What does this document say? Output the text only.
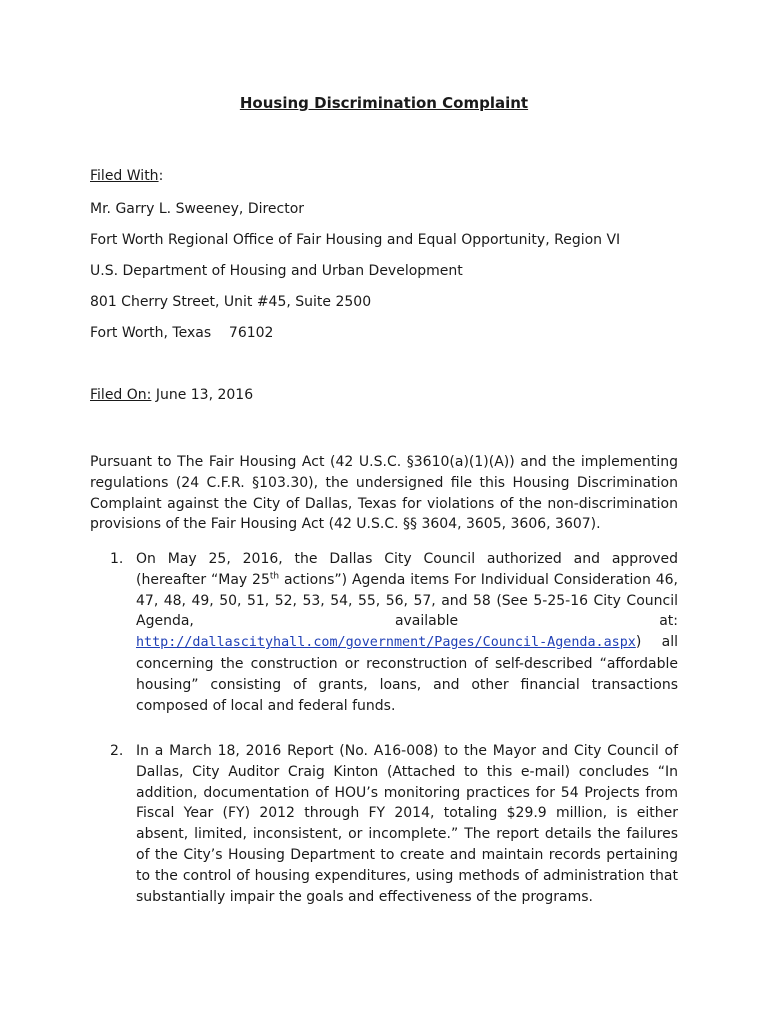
Housing Discrimination Complaint
Filed With:
Mr. Garry L. Sweeney, Director
Fort Worth Regional Office of Fair Housing and Equal Opportunity, Region VI
U.S. Department of Housing and Urban Development
801 Cherry Street, Unit #45, Suite 2500
Fort Worth, Texas    76102
Filed On: June 13, 2016
Pursuant to The Fair Housing Act (42 U.S.C. §3610(a)(1)(A)) and the implementing regulations (24 C.F.R. §103.30), the undersigned file this Housing Discrimination Complaint against the City of Dallas, Texas for violations of the non-discrimination provisions of the Fair Housing Act (42 U.S.C. §§ 3604, 3605, 3606, 3607).
1. On May 25, 2016, the Dallas City Council authorized and approved (hereafter “May 25th actions”) Agenda items For Individual Consideration 46, 47, 48, 49, 50, 51, 52, 53, 54, 55, 56, 57, and 58 (See 5-25-16 City Council Agenda, available at: http://dallascityhall.com/government/Pages/Council-Agenda.aspx) all concerning the construction or reconstruction of self-described “affordable housing” consisting of grants, loans, and other financial transactions composed of local and federal funds.
2. In a March 18, 2016 Report (No. A16-008) to the Mayor and City Council of Dallas, City Auditor Craig Kinton (Attached to this e-mail) concludes “In addition, documentation of HOU’s monitoring practices for 54 Projects from Fiscal Year (FY) 2012 through FY 2014, totaling $29.9 million, is either absent, limited, inconsistent, or incomplete.” The report details the failures of the City’s Housing Department to create and maintain records pertaining to the control of housing expenditures, using methods of administration that substantially impair the goals and effectiveness of the programs.
